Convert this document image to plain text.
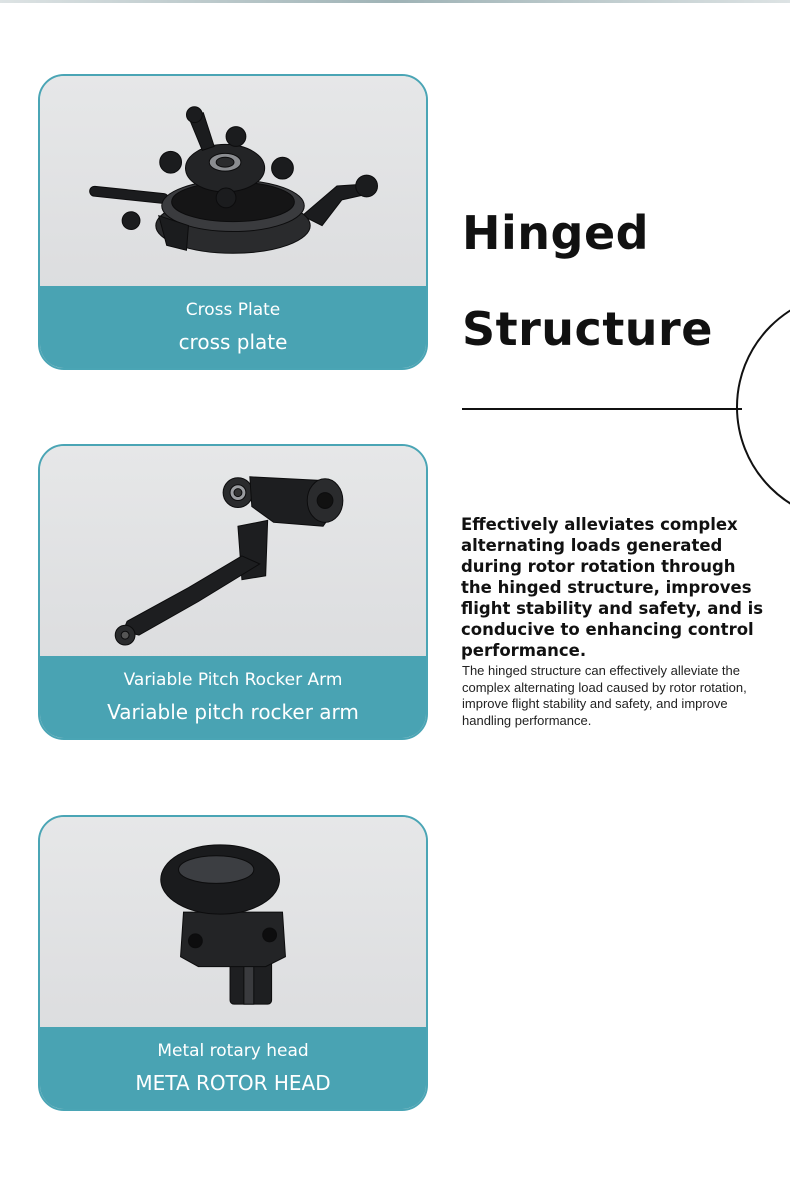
Cross Plate
cross plate
Variable Pitch Rocker Arm
Variable pitch rocker arm
Metal rotary head
META ROTOR HEAD
Hinged
Structure
Effectively alleviates complex alternating loads generated during rotor rotation through the hinged structure, improves flight stability and safety, and is conducive to enhancing control performance.
The hinged structure can effectively alleviate the complex alternating load caused by rotor rotation, improve flight stability and safety, and improve handling performance.
